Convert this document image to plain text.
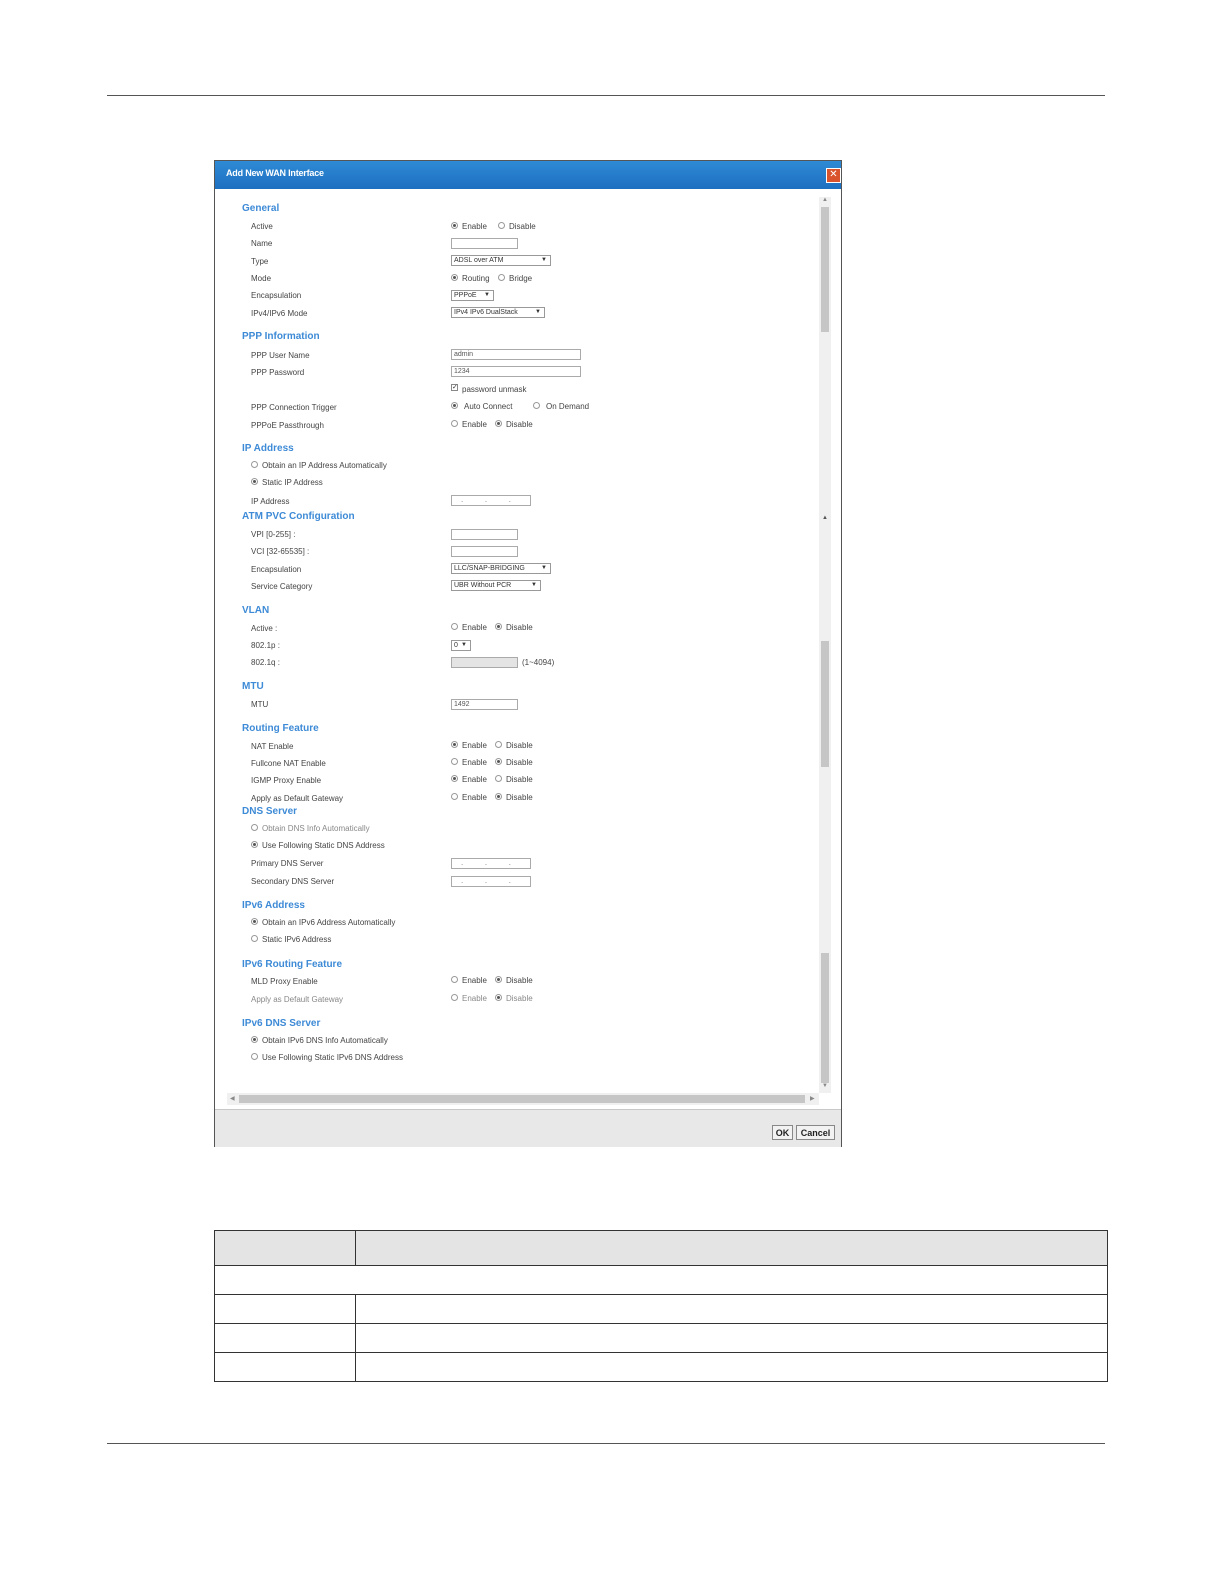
Add New WAN Interface	✕
General
Active	Enable	Disable
Name
Type	ADSL over ATM	▼
Mode	Routing Bridge
Encapsulation	PPPoE ▼
IPv4/IPv6 Mode	IPv4 IPv6 DualStack	▼
PPP Information
PPP User Name	admin
PPP Password	1234
✓ password unmask
PPP Connection Trigger	Auto Connect	On Demand
PPPoE Passthrough	Enable Disable
IP Address
Obtain an IP Address Automatically
Static IP Address
IP Address	. . .
ATM PVC Configuration
VPI [0-255] :
VCI [32-65535] :
Encapsulation	LLC/SNAP-BRIDGING	▼
Service Category	UBR Without PCR	▼
VLAN
Active :	Enable Disable
802.1p :	0 ▼
802.1q :	(1~4094)
MTU
MTU	1492
Routing Feature
NAT Enable	Enable Disable
Fullcone NAT Enable	Enable Disable
IGMP Proxy Enable	Enable Disable
Apply as Default Gateway	Enable Disable
DNS Server
Obtain DNS Info Automatically
Use Following Static DNS Address
Primary DNS Server	. . .
Secondary DNS Server	. . .
IPv6 Address
Obtain an IPv6 Address Automatically
Static IPv6 Address
IPv6 Routing Feature
MLD Proxy Enable	Enable Disable
Apply as Default Gateway	Enable Disable
IPv6 DNS Server
Obtain IPv6 DNS Info Automatically
Use Following Static IPv6 DNS Address
▲
▲
▼
◀	▶
OK	Cancel
